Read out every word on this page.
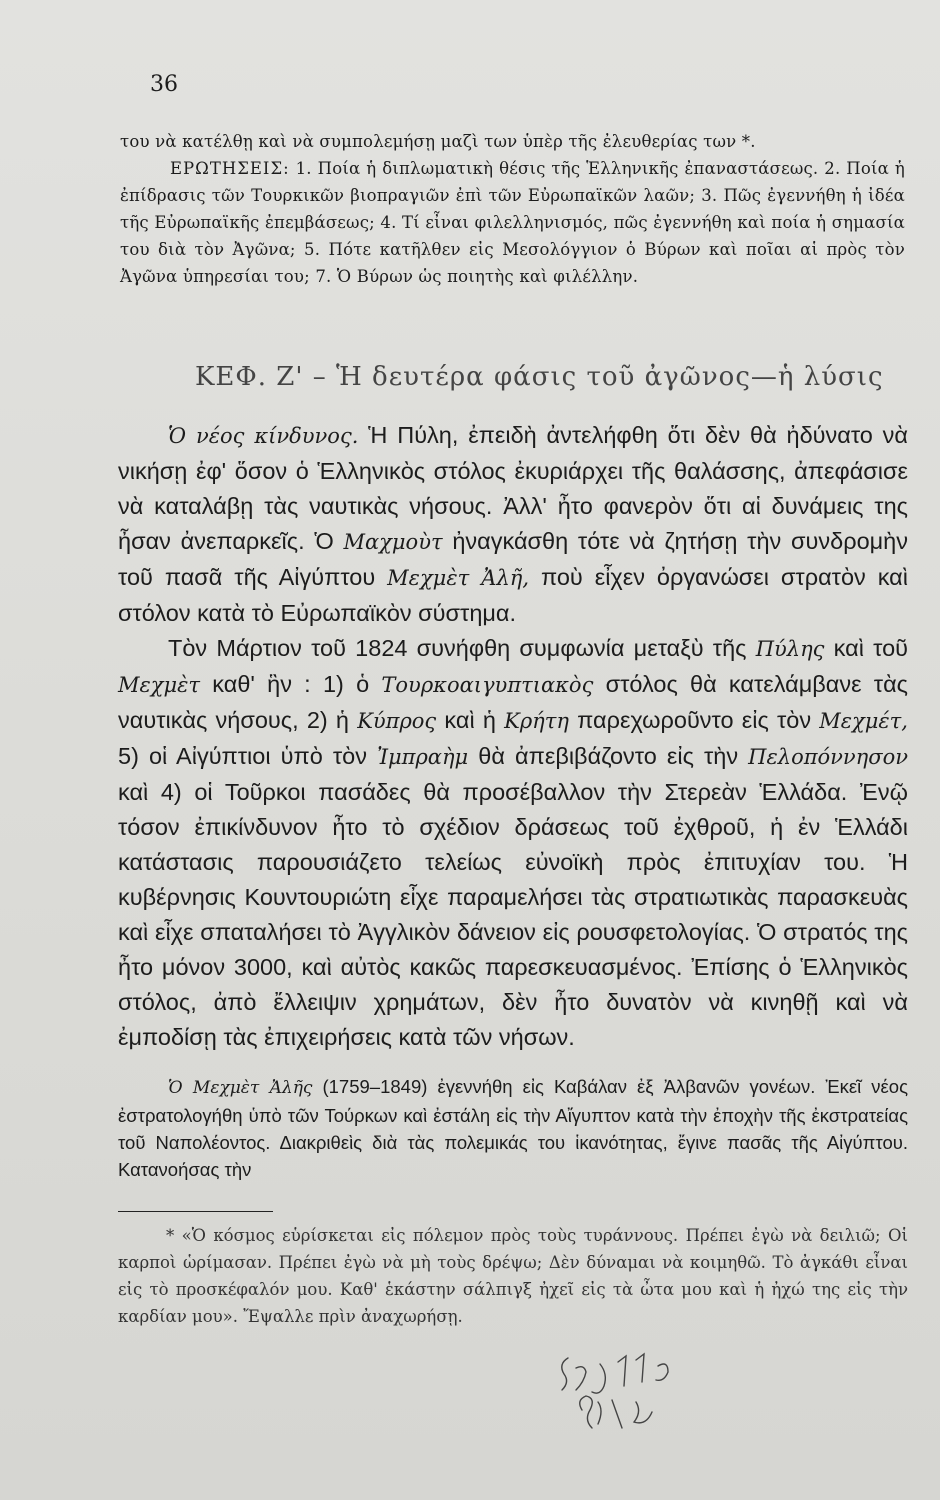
36
του νὰ κατέλθῃ καὶ νὰ συμπολεμήσῃ μαζὶ των ὑπὲρ τῆς ἐλευθερίας των *.
ΕΡΩΤΗΣΕΙΣ: 1. Ποία ἡ διπλωματικὴ θέσις τῆς Ἑλληνικῆς ἐπαναστάσεως. 2. Ποία ἡ ἐπίδρασις τῶν Τουρκικῶν βιοπραγιῶν ἐπὶ τῶν Εὐρωπαϊκῶν λαῶν; 3. Πῶς ἐγεννήθη ἡ ἰδέα τῆς Εὐρωπαϊκῆς ἐπεμβάσεως; 4. Τί εἶναι φιλελληνισμός, πῶς ἐγεννήθη καὶ ποία ἡ σημασία του διὰ τὸν Ἀγῶνα; 5. Πότε κατῆλθεν εἰς Μεσολόγγιον ὁ Βύρων καὶ ποῖαι αἱ πρὸς τὸν Ἀγῶνα ὑπηρεσίαι του; 7. Ὁ Βύρων ὡς ποιητὴς καὶ φιλέλλην.
ΚΕΦ. Ζ' – Ἡ δευτέρα φάσις τοῦ ἀγῶνος—ἡ λύσις

Ὁ νέος κίνδυνος. Ἡ Πύλη, ἐπειδὴ ἀντελήφθη ὅτι δὲν θὰ ἠδύνατο νὰ νικήσῃ ἐφ' ὅσον ὁ Ἑλληνικὸς στόλος ἐκυριάρχει τῆς θαλάσσης, ἀπεφάσισε νὰ καταλάβῃ τὰς ναυτικὰς νήσους. Ἀλλ' ἦτο φανερὸν ὅτι αἱ δυνάμεις της ἦσαν ἀνεπαρκεῖς. Ὁ Μαχμοὺτ ἠναγκάσθη τότε νὰ ζητήσῃ τὴν συνδρομὴν τοῦ πασᾶ τῆς Αἰγύπτου Μεχμὲτ Ἀλῆ, ποὺ εἶχεν ὀργανώσει στρατὸν καὶ στόλον κατὰ τὸ Εὐρωπαϊκὸν σύστημα.

Τὸν Μάρτιον τοῦ 1824 συνήφθη συμφωνία μεταξὺ τῆς Πύλης καὶ τοῦ Μεχμὲτ καθ' ἣν : 1) ὁ Τουρκοαιγυπτιακὸς στόλος θὰ κατελάμβανε τὰς ναυτικὰς νήσους, 2) ἡ Κύπρος καὶ ἡ Κρήτη παρεχωροῦντο εἰς τὸν Μεχμέτ, 5) οἱ Αἰγύπτιοι ὑπὸ τὸν Ἰμπραὴμ θὰ ἀπεβιβάζοντο εἰς τὴν Πελοπόννησον καὶ 4) οἱ Τοῦρκοι πασάδες θὰ προσέβαλλον τὴν Στερεὰν Ἑλλάδα. Ἐνῷ τόσον ἐπικίνδυνον ἦτο τὸ σχέδιον δράσεως τοῦ ἐχθροῦ, ἡ ἐν Ἑλλάδι κατάστασις παρουσιάζετο τελείως εὐνοϊκὴ πρὸς ἐπιτυχίαν του. Ἡ κυβέρνησις Κουντουριώτη εἶχε παραμελήσει τὰς στρατιωτικὰς παρασκευὰς καὶ εἶχε σπαταλήσει τὸ Ἀγγλικὸν δάνειον εἰς ρουσφετολογίας. Ὁ στρατός της ἦτο μόνον 3000, καὶ αὐτὸς κακῶς παρεσκευασμένος. Ἐπίσης ὁ Ἑλληνικὸς στόλος, ἀπὸ ἔλλειψιν χρημάτων, δὲν ἦτο δυνατὸν νὰ κινηθῇ καὶ νὰ ἐμποδίσῃ τὰς ἐπιχειρήσεις κατὰ τῶν νήσων.

Ὁ Μεχμὲτ Ἀλῆς (1759–1849) ἐγεννήθη εἰς Καβάλαν ἐξ Ἀλβανῶν γονέων. Ἐκεῖ νέος ἐστρατολογήθη ὑπὸ τῶν Τούρκων καὶ ἐστάλη εἰς τὴν Αἴγυπτον κατὰ τὴν ἐποχὴν τῆς ἐκστρατείας τοῦ Ναπολέοντος. Διακριθεὶς διὰ τὰς πολεμικάς του ἱκανότητας, ἔγινε πασᾶς τῆς Αἰγύπτου. Κατανοήσας τὴν
* «Ὁ κόσμος εὑρίσκεται εἰς πόλεμον πρὸς τοὺς τυράννους. Πρέπει ἐγὼ νὰ δειλιῶ; Οἱ καρποὶ ὡρίμασαν. Πρέπει ἐγὼ νὰ μὴ τοὺς δρέψω; Δὲν δύναμαι νὰ κοιμηθῶ. Τὸ ἀγκάθι εἶναι εἰς τὸ προσκέφαλόν μου. Καθ' ἑκάστην σάλπιγξ ἠχεῖ εἰς τὰ ὦτα μου καὶ ἡ ἠχώ της εἰς τὴν καρδίαν μου». Ἔψαλλε πρὶν ἀναχωρήσῃ.
